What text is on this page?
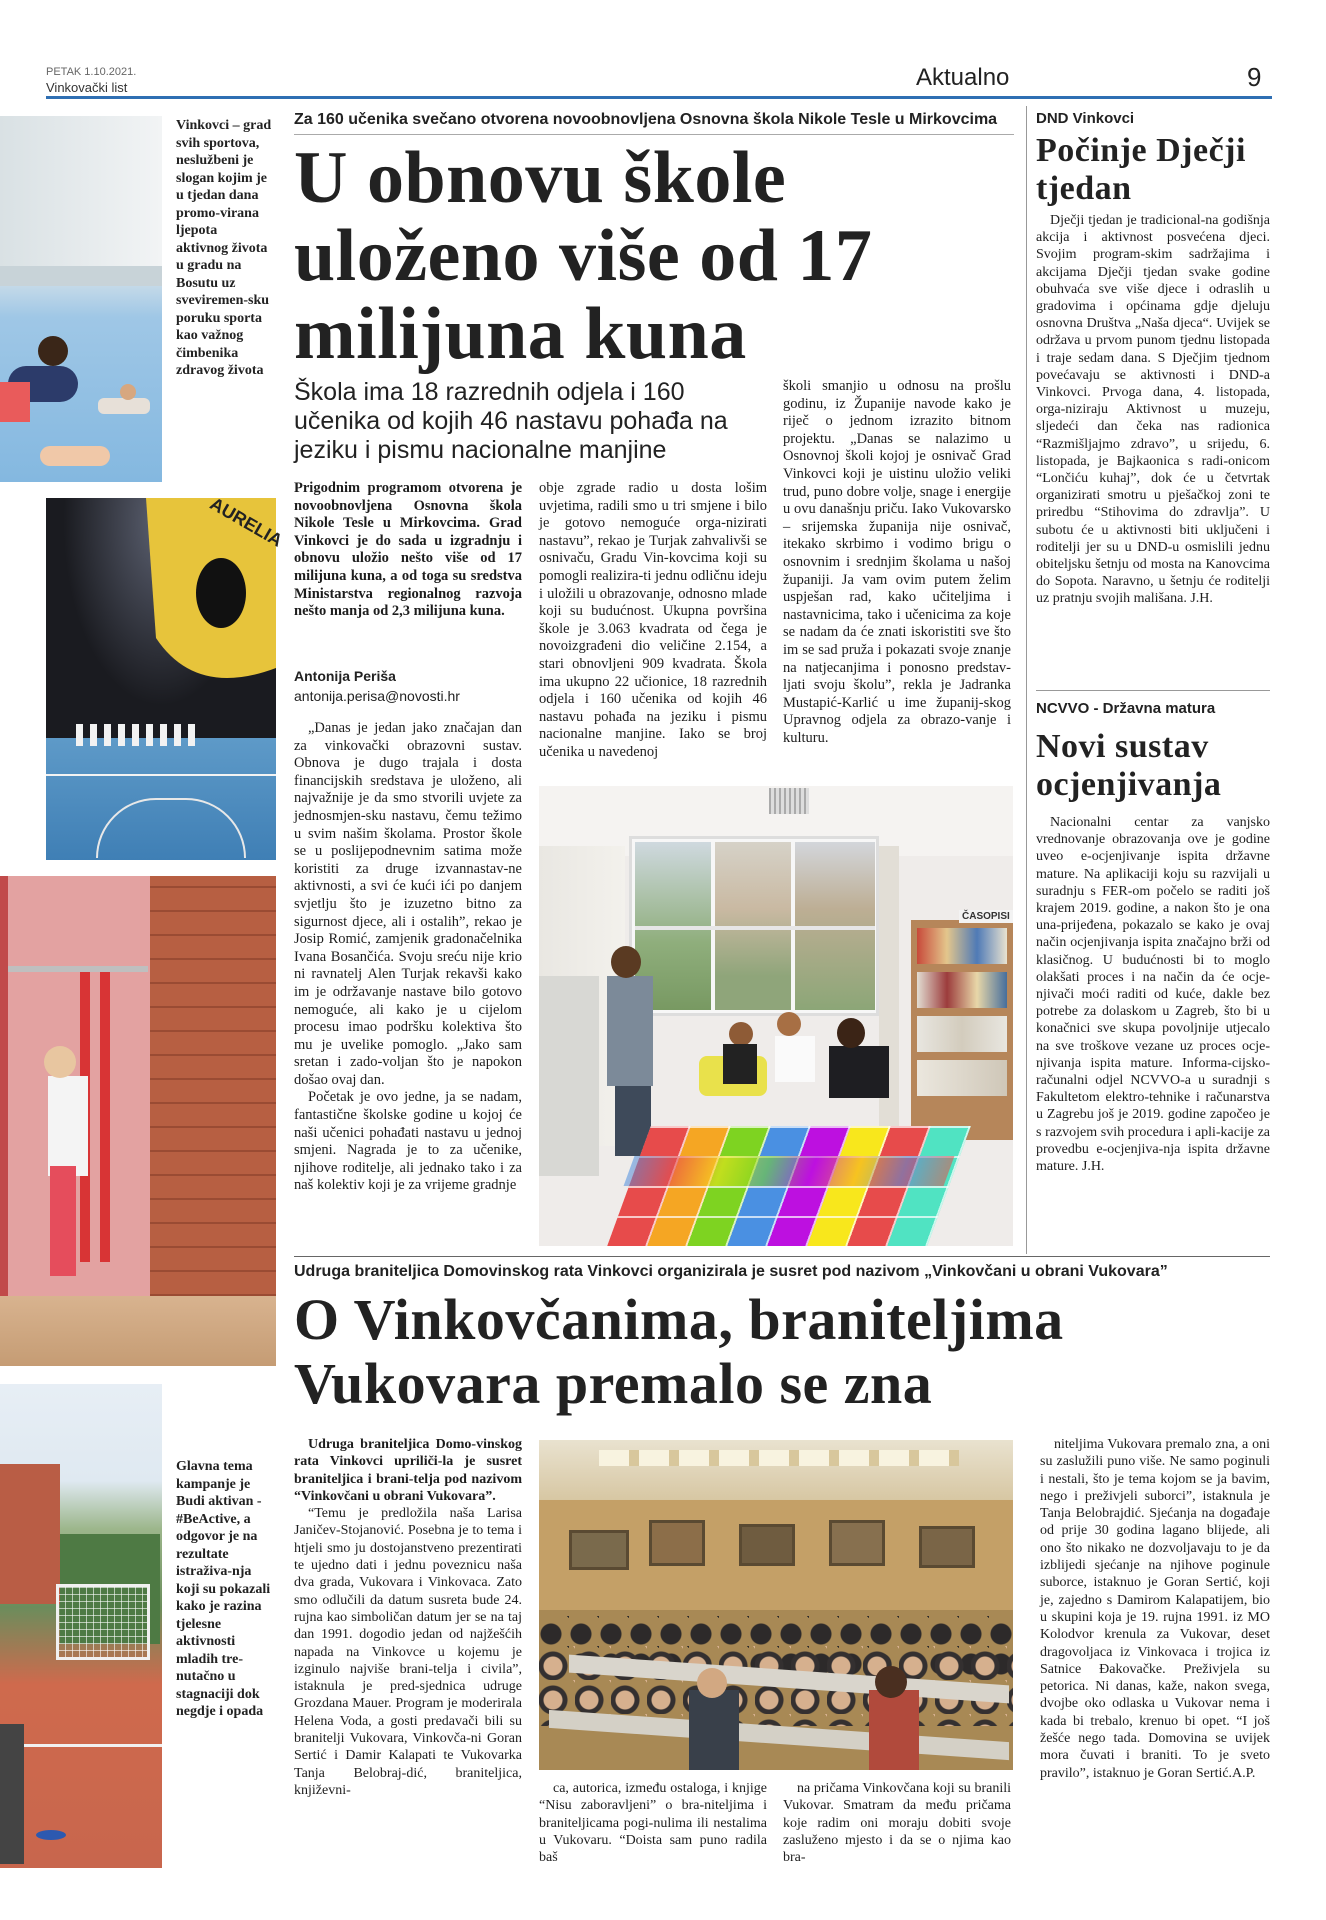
PETAK 1.10.2021.
Vinkovački list	Aktualno	9
Vinkovci – grad svih sportova, neslužbeni je slogan kojim je u tjedan dana promo-virana ljepota aktivnog života u gradu na Bosutu uz sveviremen-sku poruku sporta kao važnog čimbenika zdravog života
AURELIA
Glavna tema kampanje je Budi aktivan - #BeActive, a odgovor je na rezultate istraživa-nja koji su pokazali kako je razina tjelesne aktivnosti mladih tre-nutačno u stagnaciji dok negdje i opada
Za 160 učenika svečano otvorena novoobnovljena Osnovna škola Nikole Tesle u Mirkovcima
U obnovu škole uloženo više od 17 milijuna kuna
Škola ima 18 razrednih odjela i 160 učenika od kojih 46 nastavu pohađa na jeziku i pismu nacionalne manjine
Prigodnim programom otvorena je novoobnovljena Osnovna škola Nikole Tesle u Mirkovcima. Grad Vinkovci je do sada u izgradnju i obnovu uložio nešto više od 17 milijuna kuna, a od toga su sredstva Ministarstva regionalnog razvoja nešto manja od 2,3 milijuna kuna.
Antonija Periša
antonija.perisa@novosti.hr

„Danas je jedan jako značajan dan za vinkovački obrazovni sustav. Obnova je dugo trajala i dosta financijskih sredstava je uloženo, ali najvažnije je da smo stvorili uvjete za jednosmjen-sku nastavu, čemu težimo u svim našim školama. Prostor škole se u poslijepodnevnim satima može koristiti za druge izvannastav-ne aktivnosti, a svi će kući ići po danjem svjetlju što je izuzetno bitno za sigurnost djece, ali i ostalih”, rekao je Josip Romić, zamjenik gradonačelnika Ivana Bosančića. Svoju sreću nije krio ni ravnatelj Alen Turjak rekavši kako im je održavanje nastave bilo gotovo nemoguće, ali kako je u cijelom procesu imao podršku kolektiva što mu je uvelike pomoglo. „Jako sam sretan i zado-voljan što je napokon došao ovaj dan.

Početak je ovo jedne, ja se nadam, fantastične školske godine u kojoj će naši učenici pohađati nastavu u jednoj smjeni. Nagrada je to za učenike, njihove roditelje, ali jednako tako i za naš kolektiv koji je za vrijeme gradnje

obje zgrade radio u dosta lošim uvjetima, radili smo u tri smjene i bilo je gotovo nemoguće orga-nizirati nastavu”, rekao je Turjak zahvalivši se osnivaču, Gradu Vin-kovcima koji su pomogli realizira-ti jednu odličnu ideju i uložili u obrazovanje, odnosno mlade koji su budućnost. Ukupna površina škole je 3.063 kvadrata od čega je novoizgrađeni dio veličine 2.154, a stari obnovljeni 909 kvadrata. Škola ima ukupno 22 učionice, 18 razrednih odjela i 160 učenika od kojih 46 nastavu pohađa na jeziku i pismu nacionalne manjine. Iako se broj učenika u navedenoj
školi smanjio u odnosu na prošlu godinu, iz Županije navode kako je riječ o jednom izrazito bitnom projektu. „Danas se nalazimo u Osnovnoj školi kojoj je osnivač Grad Vinkovci koji je uistinu uložio veliki trud, puno dobre volje, snage i energije u ovu današnju priču. Iako Vukovarsko – srijemska županija nije osnivač, itekako skrbimo i vodimo brigu o osnovnim i srednjim školama u našoj županiji. Ja vam ovim putem želim uspješan rad, kako učiteljima i nastavnicima, tako i učenicima za koje se nadam da će znati iskoristiti sve što im se sad pruža i pokazati svoje znanje na natjecanjima i ponosno predstav-ljati svoju školu”, rekla je Jadranka Mustapić-Karlić u ime županij-skog Upravnog odjela za obrazo-vanje i kulturu.
ČASOPISI
DND Vinkovci
Počinje Dječji tjedan

Dječji tjedan je tradicional-na godišnja akcija i aktivnost posvećena djeci. Svojim program-skim sadržajima i akcijama Dječji tjedan svake godine obuhvaća sve više djece i odraslih u gradovima i općinama gdje djeluju osnovna Društva „Naša djeca“. Uvijek se održava u prvom punom tjednu listopada i traje sedam dana. S Dječjim tjednom povećavaju se aktivnosti i DND-a Vinkovci. Prvoga dana, 4. listopada, orga-niziraju Aktivnost u muzeju, sljedeći dan čeka nas radionica “Razmišljajmo zdravo”, u srijedu, 6. listopada, je Bajkaonica s radi-onicom “Lončiću kuhaj”, dok će u četvrtak organizirati smotru u pješačkoj zoni te priredbu “Stihovima do zdravlja”. U subotu će u aktivnosti biti uključeni i roditelji jer su u DND-u osmislili jednu obiteljsku šetnju od mosta na Kanovcima do Sopota. Naravno, u šetnju će roditelji uz pratnju svojih mališana. J.H.

NCVVO - Državna matura
Novi sustav ocjenjivanja

Nacionalni centar za vanjsko vrednovanje obrazovanja ove je godine uveo e-ocjenjivanje ispita državne mature. Na aplikaciji koju su razvijali u suradnju s FER-om počelo se raditi još krajem 2019. godine, a nakon što je ona una-prijeđena, pokazalo se kako je ovaj način ocjenjivanja ispita značajno brži od klasičnog. U budućnosti bi to moglo olakšati proces i na način da će ocje-njivači moći raditi od kuće, dakle bez potrebe za dolaskom u Zagreb, što bi u konačnici sve skupa povoljnije utjecalo na sve troškove vezane uz proces ocje-njivanja ispita mature. Informa-cijsko-računalni odjel NCVVO-a u suradnji s Fakultetom elektro-tehnike i računarstva u Zagrebu još je 2019. godine započeo je s razvojem svih procedura i apli-kacije za provedbu e-ocjenjiva-nja ispita državne mature. J.H.

Udruga braniteljica Domovinskog rata Vinkovci organizirala je susret pod nazivom „Vinkovčani u obrani Vukovara”
O Vinkovčanima, braniteljima Vukovara premalo se zna

Udruga braniteljica Domo-vinskog rata Vinkovci upriliči-la je susret braniteljica i brani-telja pod nazivom “Vinkovčani u obrani Vukovara”.

“Temu je predložila naša Larisa Janičev-Stojanović. Posebna je to tema i htjeli smo ju dostojanstveno prezentirati te ujedno dati i jednu poveznicu naša dva grada, Vukovara i Vinkovaca. Zato smo odlučili da datum susreta bude 24. rujna kao simboličan datum jer se na taj dan 1991. dogodio jedan od najžešćih napada na Vinkovce u kojemu je izginulo najviše brani-telja i civila”, istaknula je pred-sjednica udruge Grozdana Mauer. Program je moderirala Helena Voda, a gosti predavači bili su branitelji Vukovara, Vinkovča-ni Goran Sertić i Damir Kalapati te Vukovarka Tanja Belobraj-dić, braniteljica, književni-	ca, autorica, između ostaloga, i knjige “Nisu zaboravljeni” o bra-niteljima i braniteljicama pogi-nulima ili nestalima u Vukovaru. “Doista sam puno radila baš

na pričama Vinkovčana koji su branili Vukovar. Smatram da među pričama koje radim oni moraju dobiti svoje zasluženo mjesto i da se o njima kao bra-

niteljima Vukovara premalo zna, a oni su zaslužili puno više. Ne samo poginuli i nestali, što je tema kojom se ja bavim, nego i preživjeli suborci”, istaknula je Tanja Belobrajdić. Sjećanja na događaje od prije 30 godina lagano blijede, ali ono što nikako ne dozvoljavaju to je da izblijedi sjećanje na njihove poginule suborce, istaknuo je Goran Sertić, koji je, zajedno s Damirom Kalapatijem, bio u skupini koja je 19. rujna 1991. iz MO Kolodvor krenula za Vukovar, deset dragovoljaca iz Vinkovaca i trojica iz Satnice Đakovačke. Preživjela su petorica. Ni danas, kaže, nakon svega, dvojbe oko odlaska u Vukovar nema i kada bi trebalo, krenuo bi opet. “I još žešće nego tada. Domovina se uvijek mora čuvati i braniti. To je sveto pravilo”, istaknuo je Goran Sertić.A.P.
